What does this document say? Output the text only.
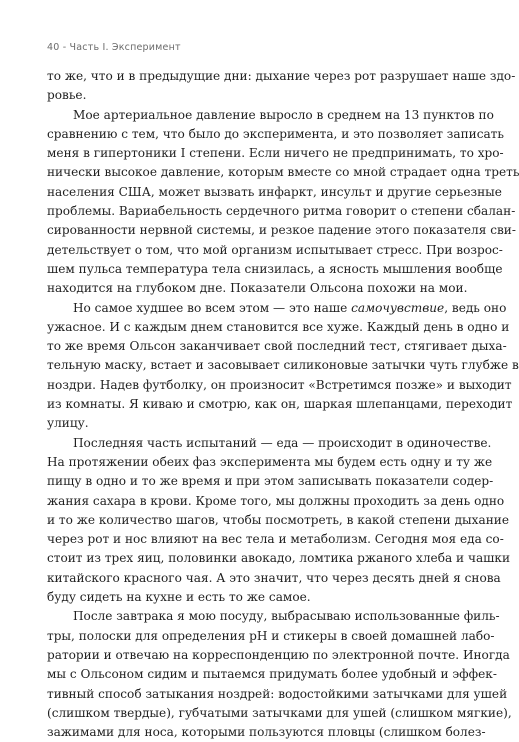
40 - Часть I. Эксперимент
то же, что и в предыдущие дни: дыхание через рот разрушает наше здо-
ровье.
Мое артериальное давление выросло в среднем на 13 пунктов по
сравнению с тем, что было до эксперимента, и это позволяет записать
меня в гипертоники I степени. Если ничего не предпринимать, то хро-
нически высокое давление, которым вместе со мной страдает одна треть
населения США, может вызвать инфаркт, инсульт и другие серьезные
проблемы. Вариабельность сердечного ритма говорит о степени сбалан-
сированности нервной системы, и резкое падение этого показателя сви-
детельствует о том, что мой организм испытывает стресс. При возрос-
шем пульса температура тела снизилась, а ясность мышления вообще
находится на глубоком дне. Показатели Ольсона похожи на мои.
Но самое худшее во всем этом — это наше самочувствие, ведь оно
ужасное. И с каждым днем становится все хуже. Каждый день в одно и
то же время Ольсон заканчивает свой последний тест, стягивает дыха-
тельную маску, встает и засовывает силиконовые затычки чуть глубже в
ноздри. Надев футболку, он произносит «Встретимся позже» и выходит
из комнаты. Я киваю и смотрю, как он, шаркая шлепанцами, переходит
улицу.
Последняя часть испытаний — еда — происходит в одиночестве.
На протяжении обеих фаз эксперимента мы будем есть одну и ту же
пищу в одно и то же время и при этом записывать показатели содер-
жания сахара в крови. Кроме того, мы должны проходить за день одно
и то же количество шагов, чтобы посмотреть, в какой степени дыхание
через рот и нос влияют на вес тела и метаболизм. Сегодня моя еда со-
стоит из трех яиц, половинки авокадо, ломтика ржаного хлеба и чашки
китайского красного чая. А это значит, что через десять дней я снова
буду сидеть на кухне и есть то же самое.
После завтрака я мою посуду, выбрасываю использованные филь-
тры, полоски для определения pH и стикеры в своей домашней лабо-
ратории и отвечаю на корреспонденцию по электронной почте. Иногда
мы с Ольсоном сидим и пытаемся придумать более удобный и эффек-
тивный способ затыкания ноздрей: водостойкими затычками для ушей
(слишком твердые), губчатыми затычками для ушей (слишком мягкие),
зажимами для носа, которыми пользуются пловцы (слишком болез-
